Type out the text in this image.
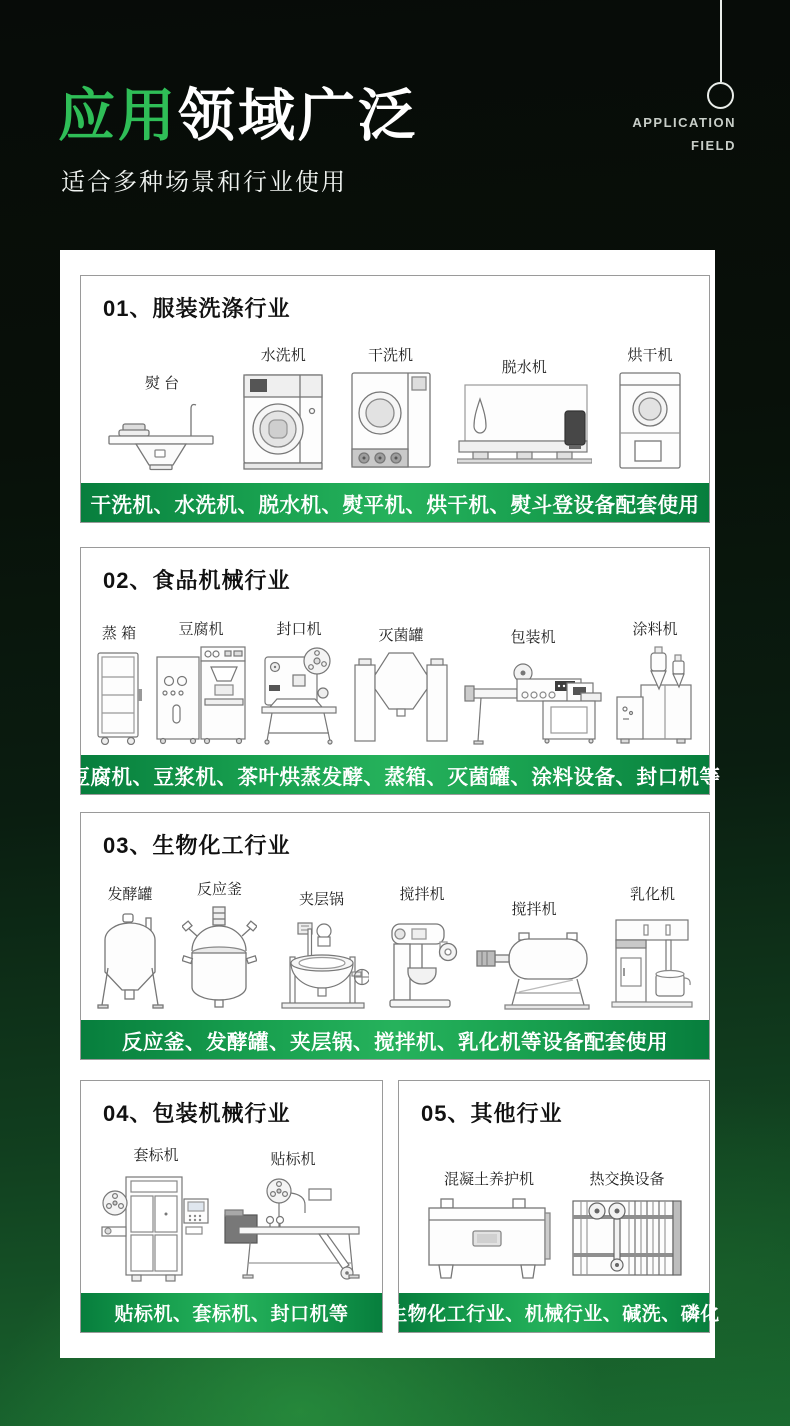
应用领域广泛
适合多种场景和行业使用
APPLICATION
FIELD
01、服装洗涤行业
熨 台
水洗机	干洗机
脱水机
烘干机
干洗机、水洗机、脱水机、熨平机、烘干机、熨斗登设备配套使用
02、食品机械行业
蒸 箱	豆腐机	封口机	灭菌罐	包装机	涂料机
豆腐机、豆浆机、茶叶烘蒸发酵、蒸箱、灭菌罐、涂料设备、封口机等
03、生物化工行业
发酵罐	反应釜
夹层锅	搅拌机
搅拌机
乳化机
反应釜、发酵罐、夹层锅、搅拌机、乳化机等设备配套使用
04、包装机械行业
套标机	贴标机
贴标机、套标机、封口机等
05、其他行业
混凝土养护机	热交换设备
生物化工行业、机械行业、碱洗、磷化
